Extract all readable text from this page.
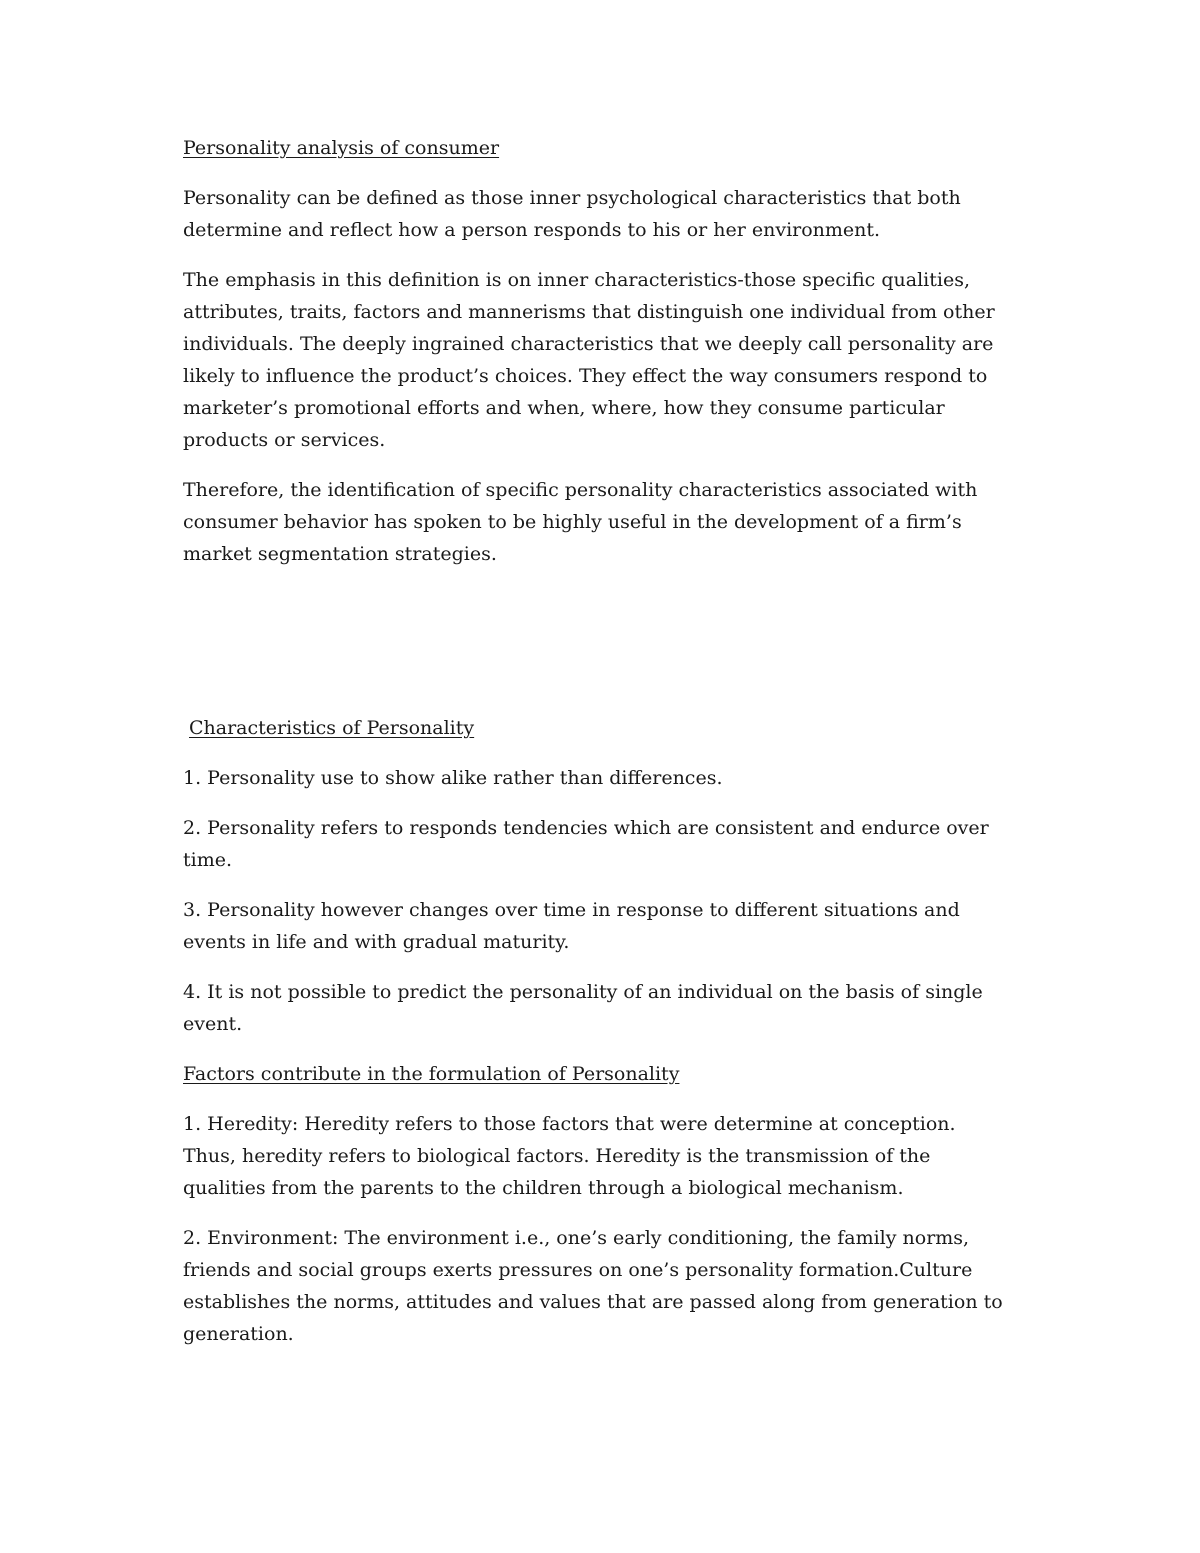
Personality analysis of consumer

Personality can be defined as those inner psychological characteristics that both determine and reflect how a person responds to his or her environment.

The emphasis in this definition is on inner characteristics-those specific qualities, attributes, traits, factors and mannerisms that distinguish one individual from other individuals. The deeply ingrained characteristics that we deeply call personality are likely to influence the product’s choices. They effect the way consumers respond to marketer’s promotional efforts and when, where, how they consume particular products or services.

Therefore, the identification of specific personality characteristics associated with consumer behavior has spoken to be highly useful in the development of a firm’s market segmentation strategies.

Characteristics of Personality

1. Personality use to show alike rather than differences.

2. Personality refers to responds tendencies which are consistent and endurce over time.

3. Personality however changes over time in response to different situations and events in life and with gradual maturity.

4. It is not possible to predict the personality of an individual on the basis of single event.

Factors contribute in the formulation of Personality

1. Heredity: Heredity refers to those factors that were determine at conception. Thus, heredity refers to biological factors. Heredity is the transmission of the qualities from the parents to the children through a biological mechanism.

2. Environment: The environment i.e., one’s early conditioning, the family norms, friends and social groups exerts pressures on one’s personality formation.Culture establishes the norms, attitudes and values that are passed along from generation to generation.
